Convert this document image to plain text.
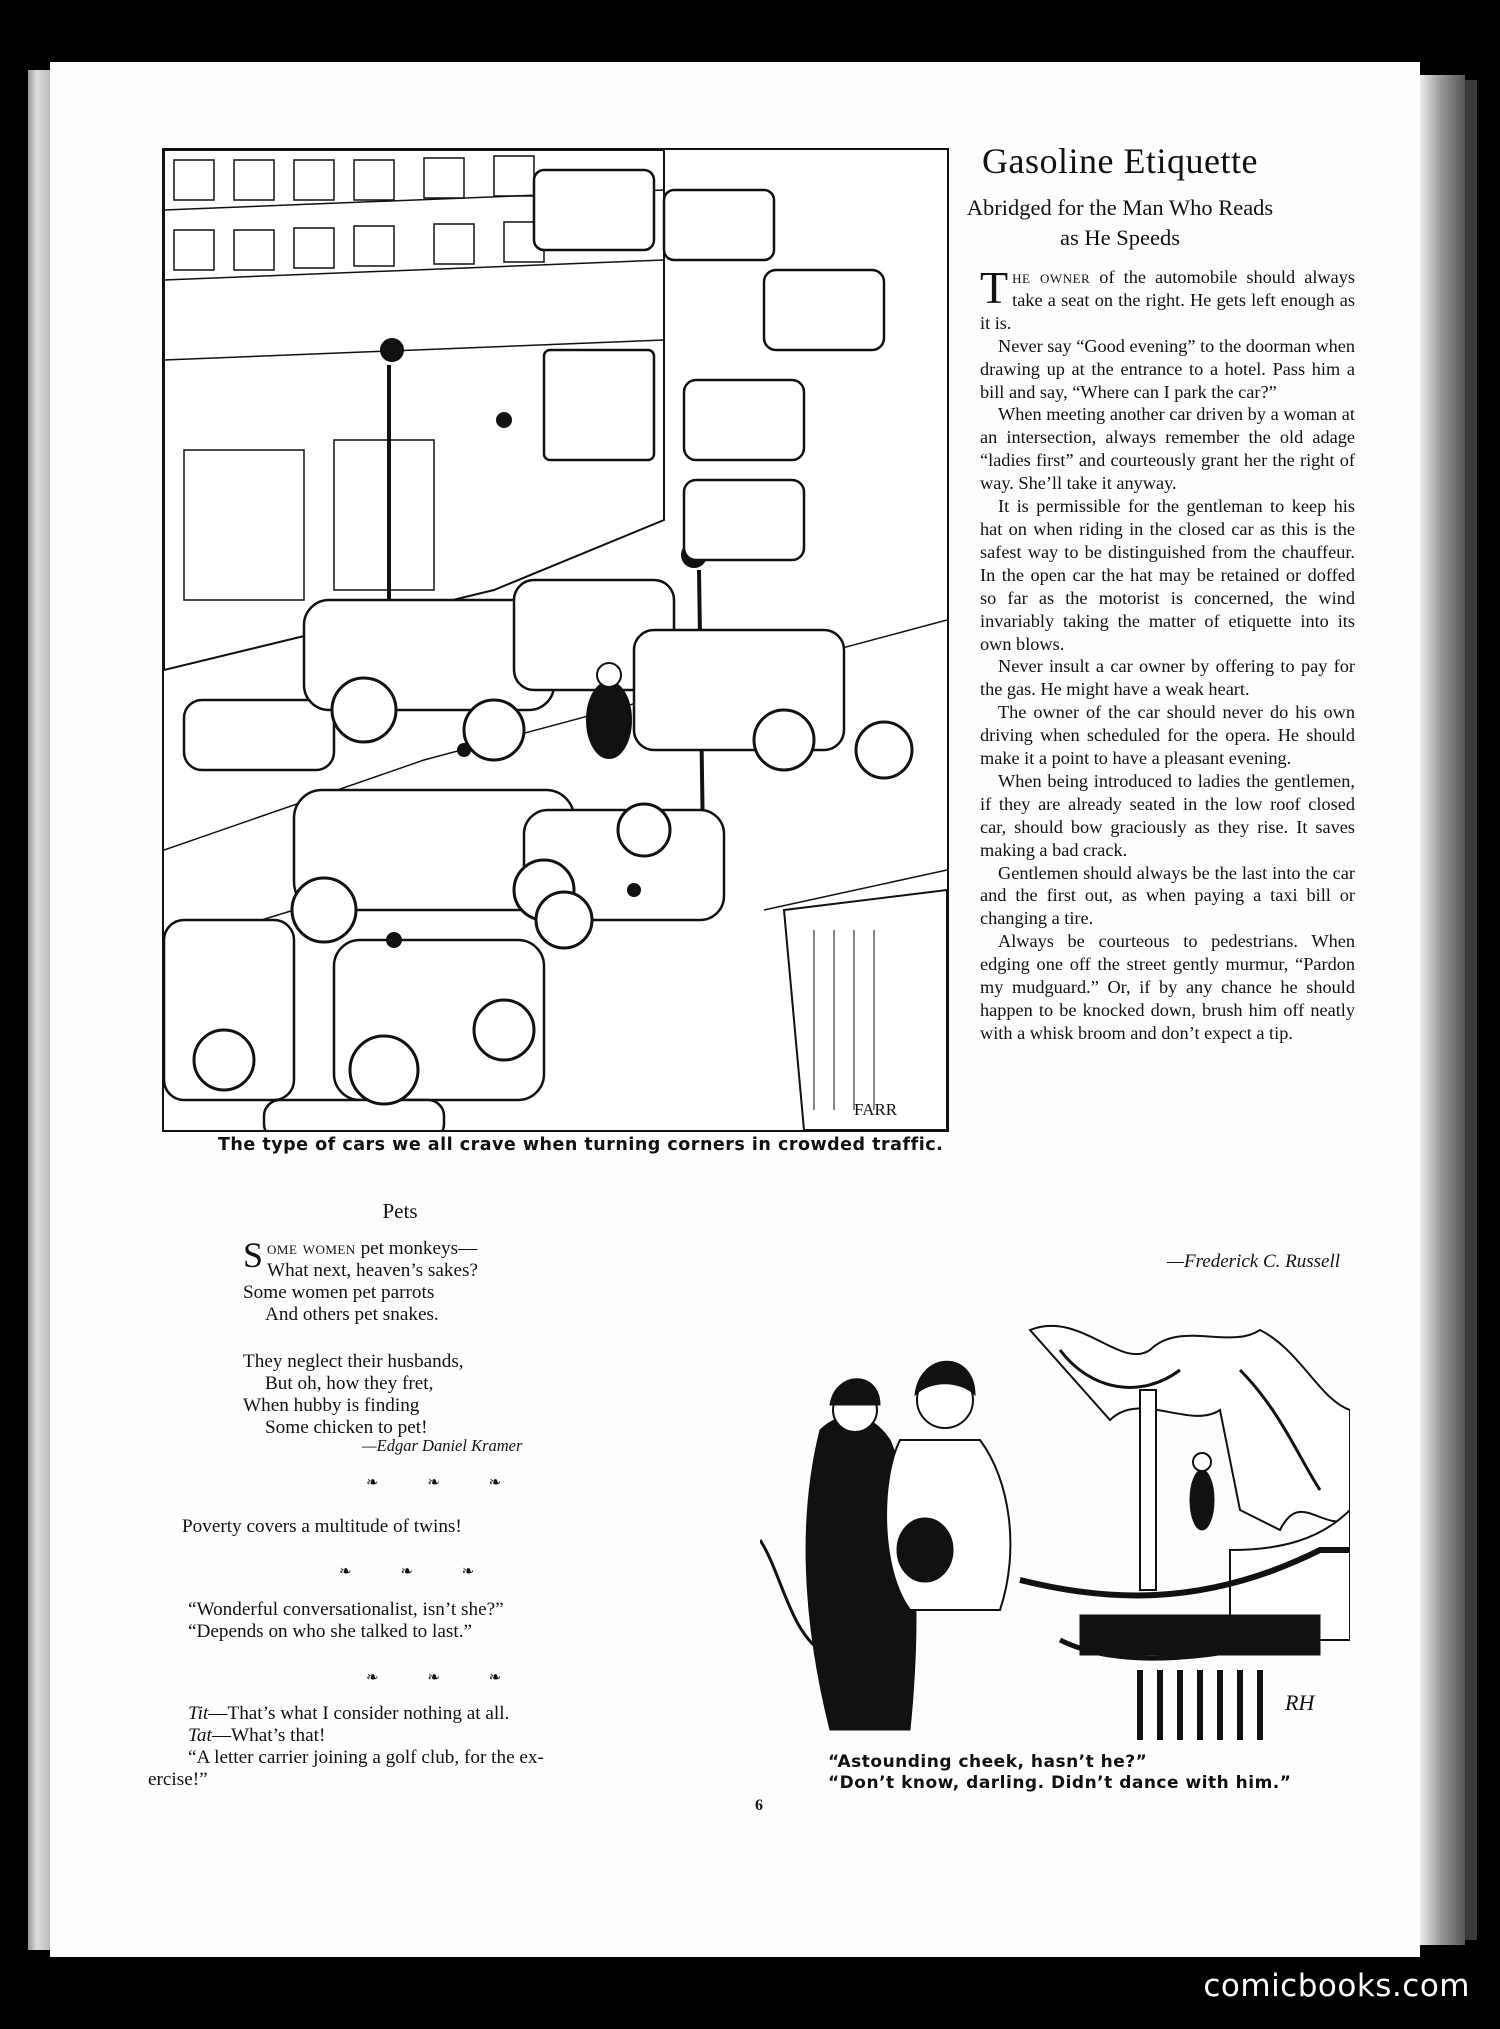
FARR
The type of cars we all crave when turning corners in crowded traffic.
Gasoline Etiquette
Abridged for the Man Who Reads
as He Speeds

The owner of the automobile should always take a seat on the right. He gets left enough as it is.

Never say “Good evening” to the doorman when drawing up at the entrance to a hotel. Pass him a bill and say, “Where can I park the car?”

When meeting another car driven by a woman at an intersection, always remember the old adage “ladies first” and courteously grant her the right of way. She’ll take it anyway.

It is permissible for the gentleman to keep his hat on when riding in the closed car as this is the safest way to be distinguished from the chauffeur. In the open car the hat may be retained or doffed so far as the motorist is concerned, the wind invariably taking the matter of etiquette into its own blows.

Never insult a car owner by offering to pay for the gas. He might have a weak heart.

The owner of the car should never do his own driving when scheduled for the opera. He should make it a point to have a pleasant evening.

When being introduced to ladies the gentlemen, if they are already seated in the low roof closed car, should bow graciously as they rise. It saves making a bad crack.

Gentlemen should always be the last into the car and the first out, as when paying a taxi bill or changing a tire.

Always be courteous to pedestrians. When edging one off the street gently murmur, “Pardon my mudguard.” Or, if by any chance he should happen to be knocked down, brush him off neatly with a whisk broom and don’t expect a tip.

—Frederick C. Russell
Pets
Some women pet monkeys—
What next, heaven’s sakes?
Some women pet parrots
And others pet snakes.
They neglect their husbands,
But oh, how they fret,
When hubby is finding
Some chicken to pet!
—Edgar Daniel Kramer
❧ ❧ ❧
Poverty covers a multitude of twins!
❧ ❧ ❧
“Wonderful conversationalist, isn’t she?”
“Depends on who she talked to last.”
❧ ❧ ❧
Tit—That’s what I consider nothing at all.
Tat—What’s that!
“A letter carrier joining a golf club, for the ex-
ercise!”
RH
“Astounding cheek, hasn’t he?”
“Don’t know, darling. Didn’t dance with him.”
6
comicbooks.com
